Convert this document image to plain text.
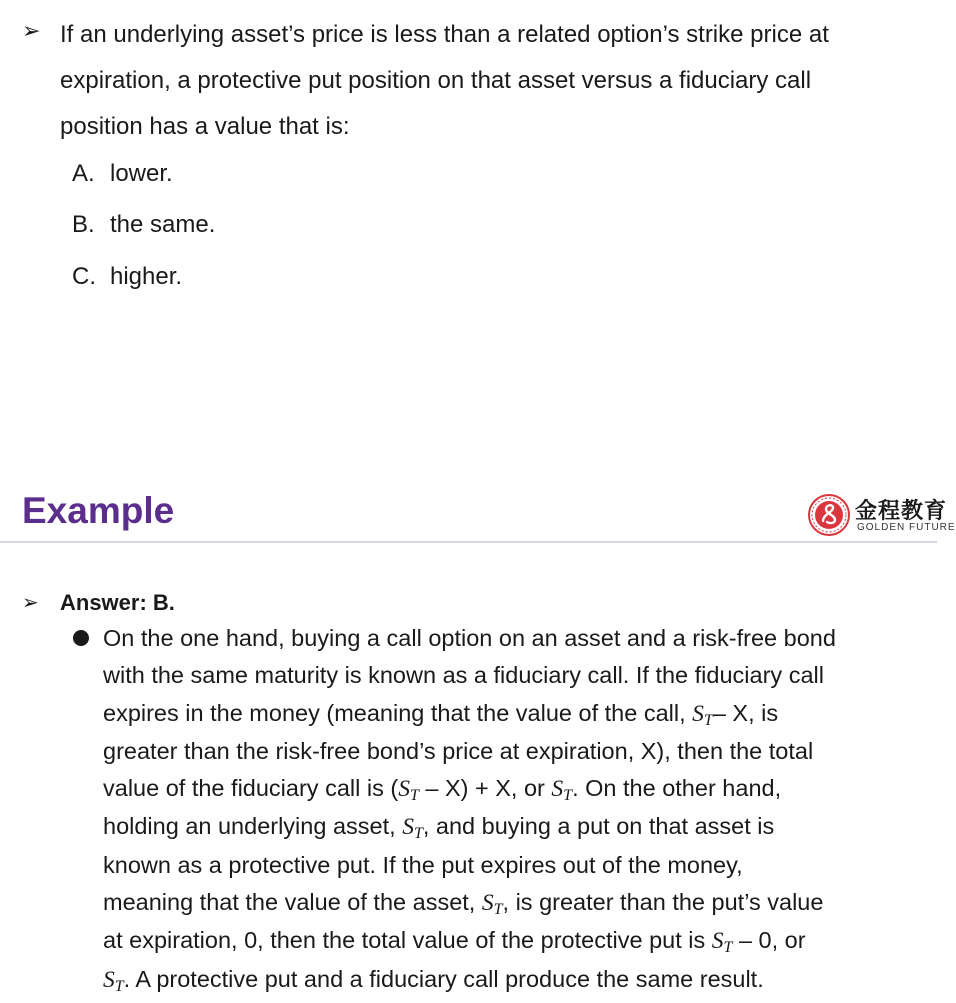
➢ If an underlying asset’s price is less than a related option’s strike price at expiration, a protective put position on that asset versus a fiduciary call position has a value that is:

A. lower.
B. the same.
C. higher.
Example	金程教育
GOLDEN FUTURE
➢ Answer: B.

On the one hand, buying a call option on an asset and a risk-free bond
with the same maturity is known as a fiduciary call. If the fiduciary call
expires in the money (meaning that the value of the call, $S_T-$ X, is
greater than the risk-free bond’s price at expiration, X), then the total
value of the fiduciary call is $(S_T - X) + X$, or $S_T$. On the other hand,
holding an underlying asset, $S_T$, and buying a put on that asset is
known as a protective put. If the put expires out of the money,
meaning that the value of the asset, $S_T$, is greater than the put’s value
at expiration, 0, then the total value of the protective put is $S_T - 0$, or
$S_T$. A protective put and a fiduciary call produce the same result.
